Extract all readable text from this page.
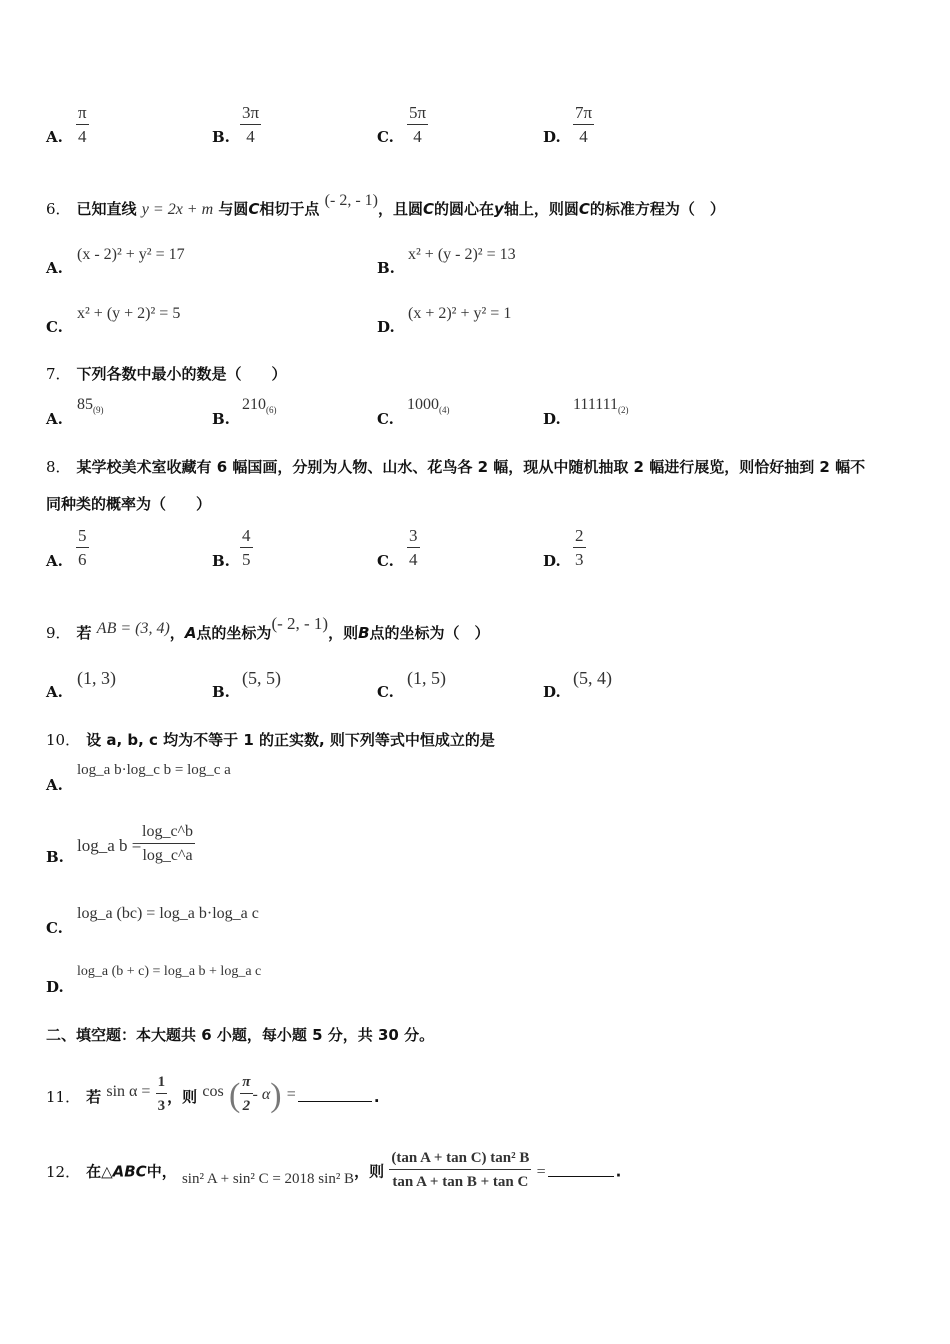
A. $\frac{\pi}{4}$	B. $\frac{3\pi}{4}$	C. $\frac{5\pi}{4}$	D. $\frac{7\pi}{4}$
6． 已知直线 y = 2x + m 与圆C相切于点 (- 2, - 1)，且圆C的圆心在y轴上，则圆C的标准方程为（　）
A.
(x - 2)² + y² = 17
B.
x² + (y - 2)² = 13
C.
x² + (y + 2)² = 5
D.
(x + 2)² + y² = 1
7． 下列各数中最小的数是（　　）
A.
$85_{(9)}$	B.
$210_{(6)}$	C.
$1000_{(4)}$	D.
$111111_{(2)}$
8． 某学校美术室收藏有 6 幅国画，分别为人物、山水、花鸟各 2 幅，现从中随机抽取 2 幅进行展览，则恰好抽到 2 幅不
同种类的概率为（　　）
A. $\frac{5}{6}$	B. $\frac{4}{5}$	C. $\frac{3}{4}$	D. $\frac{2}{3}$
9． 若 AB = (3, 4)，A点的坐标为(- 2, - 1)，则B点的坐标为（　）
A.
(1, 3)
B.
(5, 5)
C.
(1, 5)
D.
(5, 4)
10． 设 a, b, c 均为不等于 1 的正实数, 则下列等式中恒成立的是
A.
log_a b·log_c b = log_c a
B.
log_a b =
$\frac{\log\_c\^{}b}{\log\_c\^{}a}$
C.
log_a (bc) = log_a b·log_a c
D.
log_a (b + c) = log_a b + log_a c
二、填空题：本大题共 6 小题，每小题 5 分，共 30 分。
11． 若 $\sin \alpha = \frac{1}{3}$ ，则 cos ( $\frac{\pi}{2} - \alpha$) =	.
12． 在△ABC中， sin² A + sin² C = 2018 sin² B，则 $\frac{\text{(tan A + tan C) tan² B}}{\text{tan A + tan B + tan C}}$ =	.
